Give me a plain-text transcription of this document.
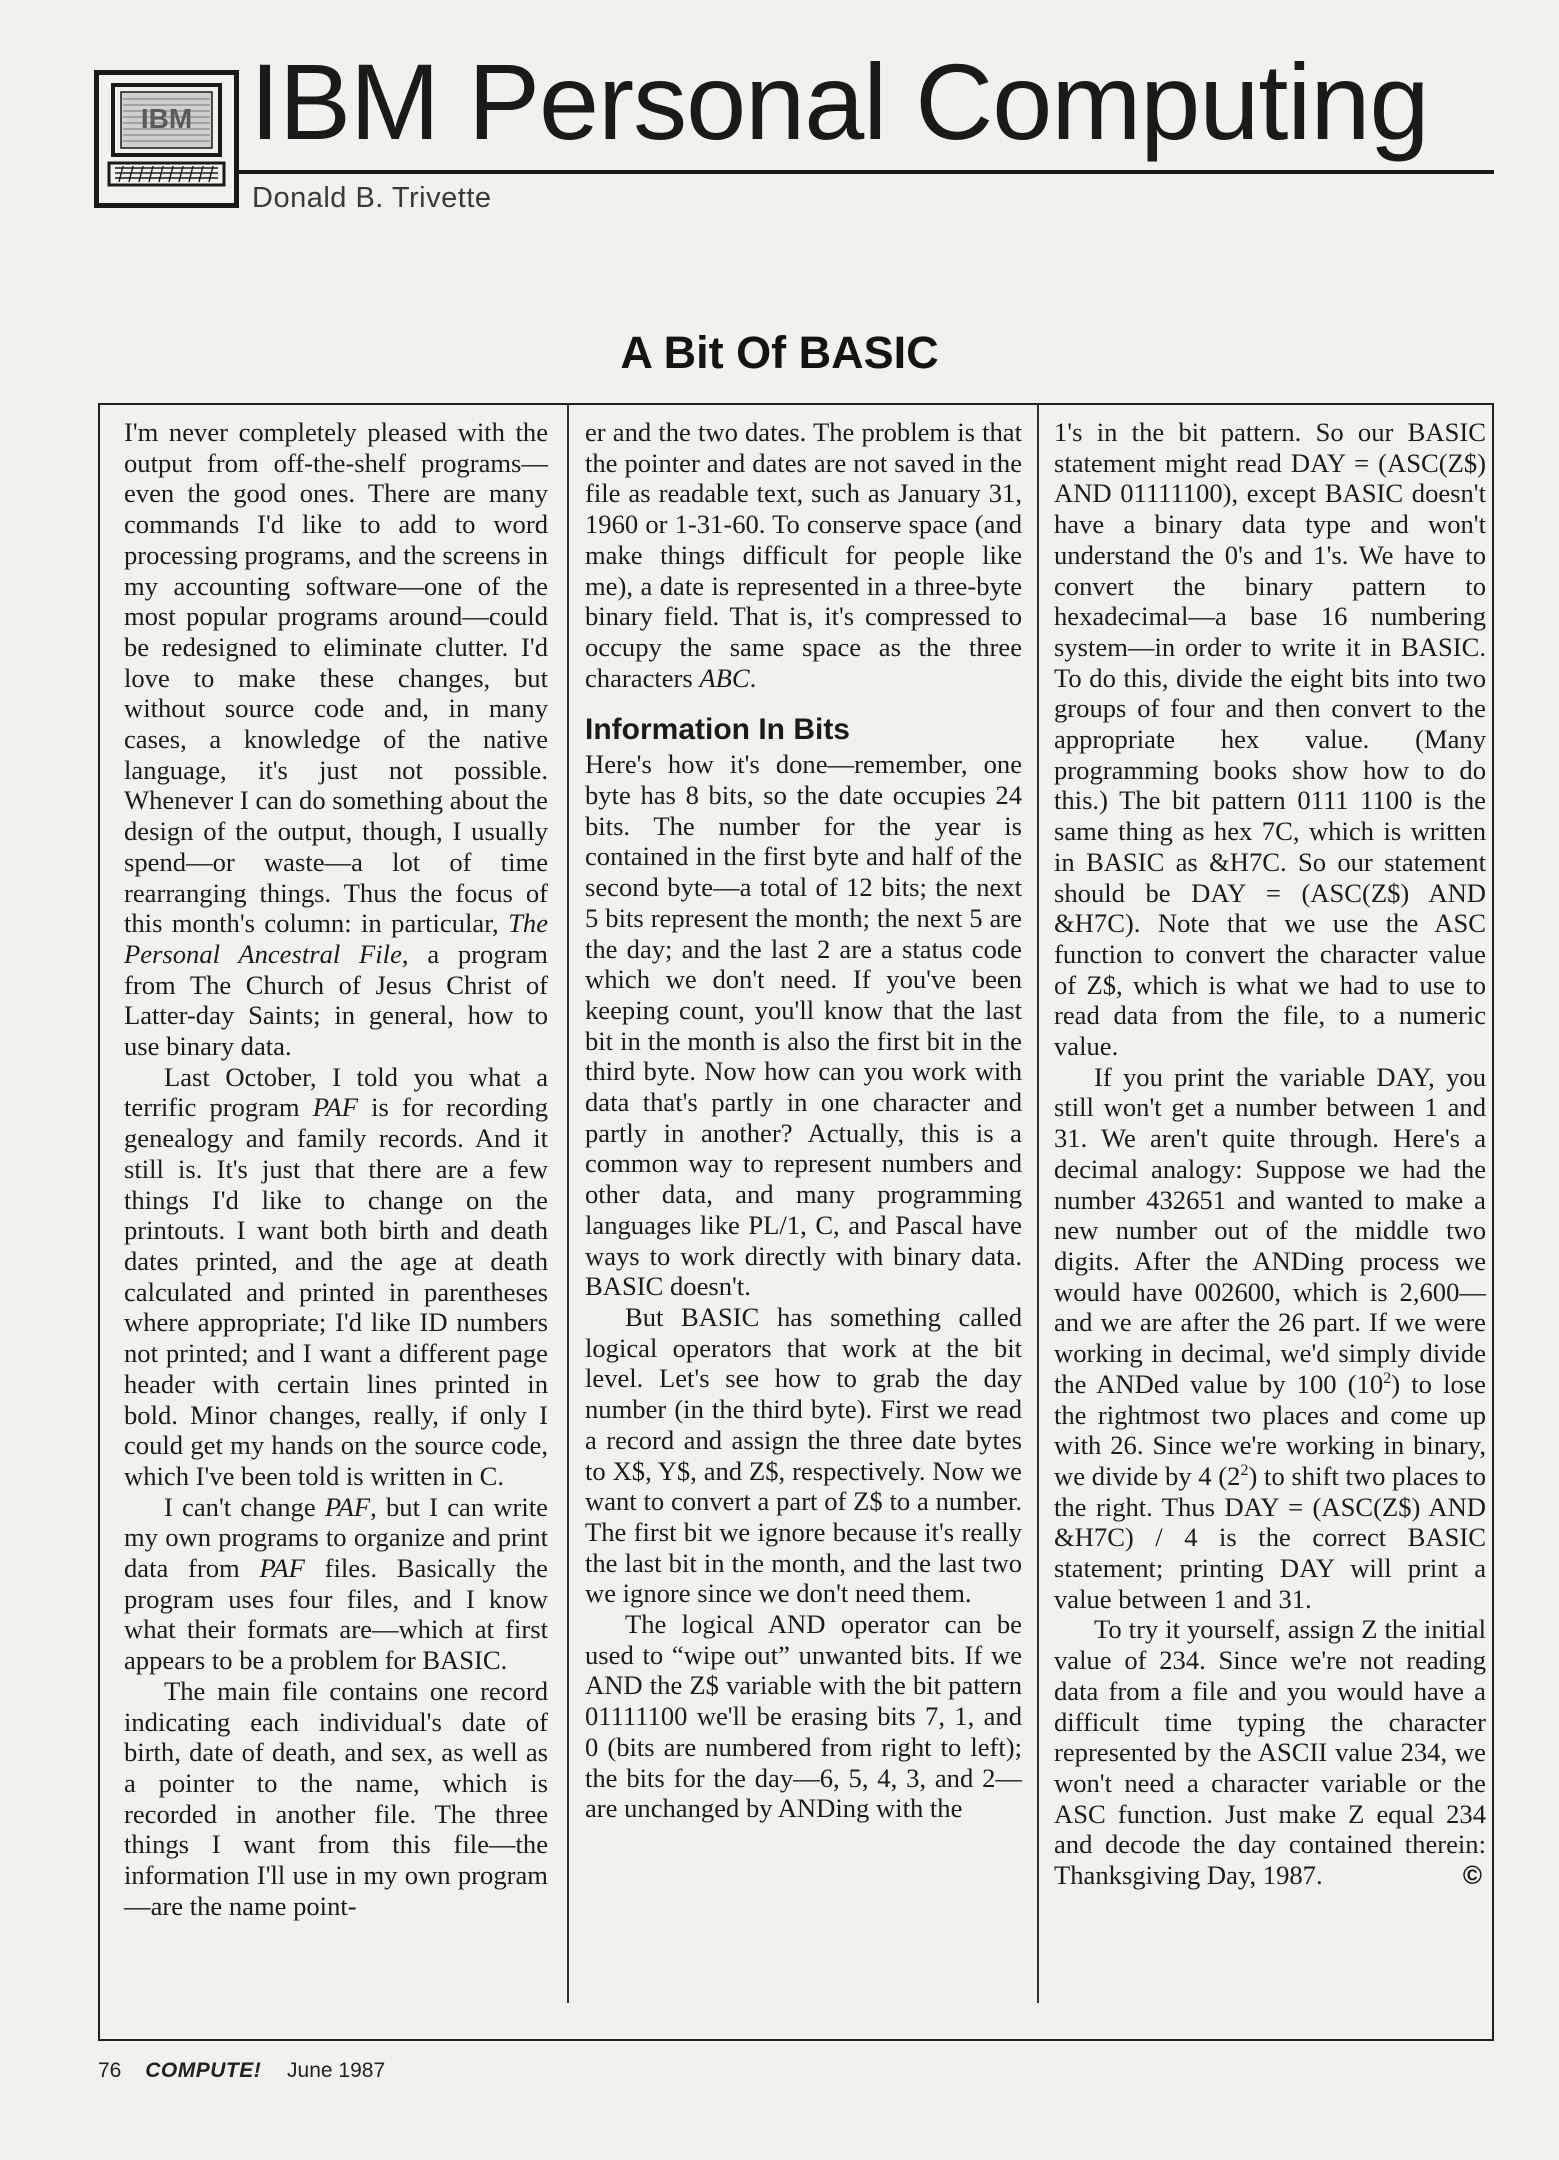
IBM IBM Personal Computing
Donald B. Trivette
A Bit Of BASIC

I'm never completely pleased with the output from off-the-shelf programs—even the good ones. There are many commands I'd like to add to word processing programs, and the screens in my accounting software—one of the most popular programs around—could be redesigned to eliminate clutter. I'd love to make these changes, but without source code and, in many cases, a knowledge of the native language, it's just not possible. Whenever I can do something about the design of the output, though, I usually spend—or waste—a lot of time rearranging things. Thus the focus of this month's column: in particular, The Personal Ancestral File, a program from The Church of Jesus Christ of Latter-day Saints; in general, how to use binary data.

Last October, I told you what a terrific program PAF is for recording genealogy and family records. And it still is. It's just that there are a few things I'd like to change on the printouts. I want both birth and death dates printed, and the age at death calculated and printed in parentheses where appropriate; I'd like ID numbers not printed; and I want a different page header with certain lines printed in bold. Minor changes, really, if only I could get my hands on the source code, which I've been told is written in C.

I can't change PAF, but I can write my own programs to organize and print data from PAF files. Basically the program uses four files, and I know what their formats are—which at first appears to be a problem for BASIC.

The main file contains one record indicating each individual's date of birth, date of death, and sex, as well as a pointer to the name, which is recorded in another file. The three things I want from this file—the information I'll use in my own program—are the name point-

er and the two dates. The problem is that the pointer and dates are not saved in the file as readable text, such as January 31, 1960 or 1-31-60. To conserve space (and make things difficult for people like me), a date is represented in a three-byte binary field. That is, it's compressed to occupy the same space as the three characters ABC.

Information In Bits

Here's how it's done—remember, one byte has 8 bits, so the date occupies 24 bits. The number for the year is contained in the first byte and half of the second byte—a total of 12 bits; the next 5 bits represent the month; the next 5 are the day; and the last 2 are a status code which we don't need. If you've been keeping count, you'll know that the last bit in the month is also the first bit in the third byte. Now how can you work with data that's partly in one character and partly in another? Actually, this is a common way to represent numbers and other data, and many programming languages like PL/1, C, and Pascal have ways to work directly with binary data. BASIC doesn't.

But BASIC has something called logical operators that work at the bit level. Let's see how to grab the day number (in the third byte). First we read a record and assign the three date bytes to X$, Y$, and Z$, respectively. Now we want to convert a part of Z$ to a number. The first bit we ignore because it's really the last bit in the month, and the last two we ignore since we don't need them.

The logical AND operator can be used to “wipe out” unwanted bits. If we AND the Z$ variable with the bit pattern 01111100 we'll be erasing bits 7, 1, and 0 (bits are numbered from right to left); the bits for the day—6, 5, 4, 3, and 2—are unchanged by ANDing with the

1's in the bit pattern. So our BASIC statement might read DAY = (ASC(Z$) AND 01111100), except BASIC doesn't have a binary data type and won't understand the 0's and 1's. We have to convert the binary pattern to hexadecimal—a base 16 numbering system—in order to write it in BASIC. To do this, divide the eight bits into two groups of four and then convert to the appropriate hex value. (Many programming books show how to do this.) The bit pattern 0111 1100 is the same thing as hex 7C, which is written in BASIC as &H7C. So our statement should be DAY = (ASC(Z$) AND &H7C). Note that we use the ASC function to convert the character value of Z$, which is what we had to use to read data from the file, to a numeric value.

If you print the variable DAY, you still won't get a number between 1 and 31. We aren't quite through. Here's a decimal analogy: Suppose we had the number 432651 and wanted to make a new number out of the middle two digits. After the ANDing process we would have 002600, which is 2,600—and we are after the 26 part. If we were working in decimal, we'd simply divide the ANDed value by 100 $(10^2)$ to lose the rightmost two places and come up with 26. Since we're working in binary, we divide by 4 $(2^2)$ to shift two places to the right. Thus DAY = (ASC(Z$) AND &H7C) / 4 is the correct BASIC statement; printing DAY will print a value between 1 and 31.

To try it yourself, assign Z the initial value of 234. Since we're not reading data from a file and you would have a difficult time typing the character represented by the ASCII value 234, we won't need a character variable or the ASC function. Just make Z equal 234 and decode the day contained therein: Thanksgiving Day, 1987.	©

76 COMPUTE! June 1987
